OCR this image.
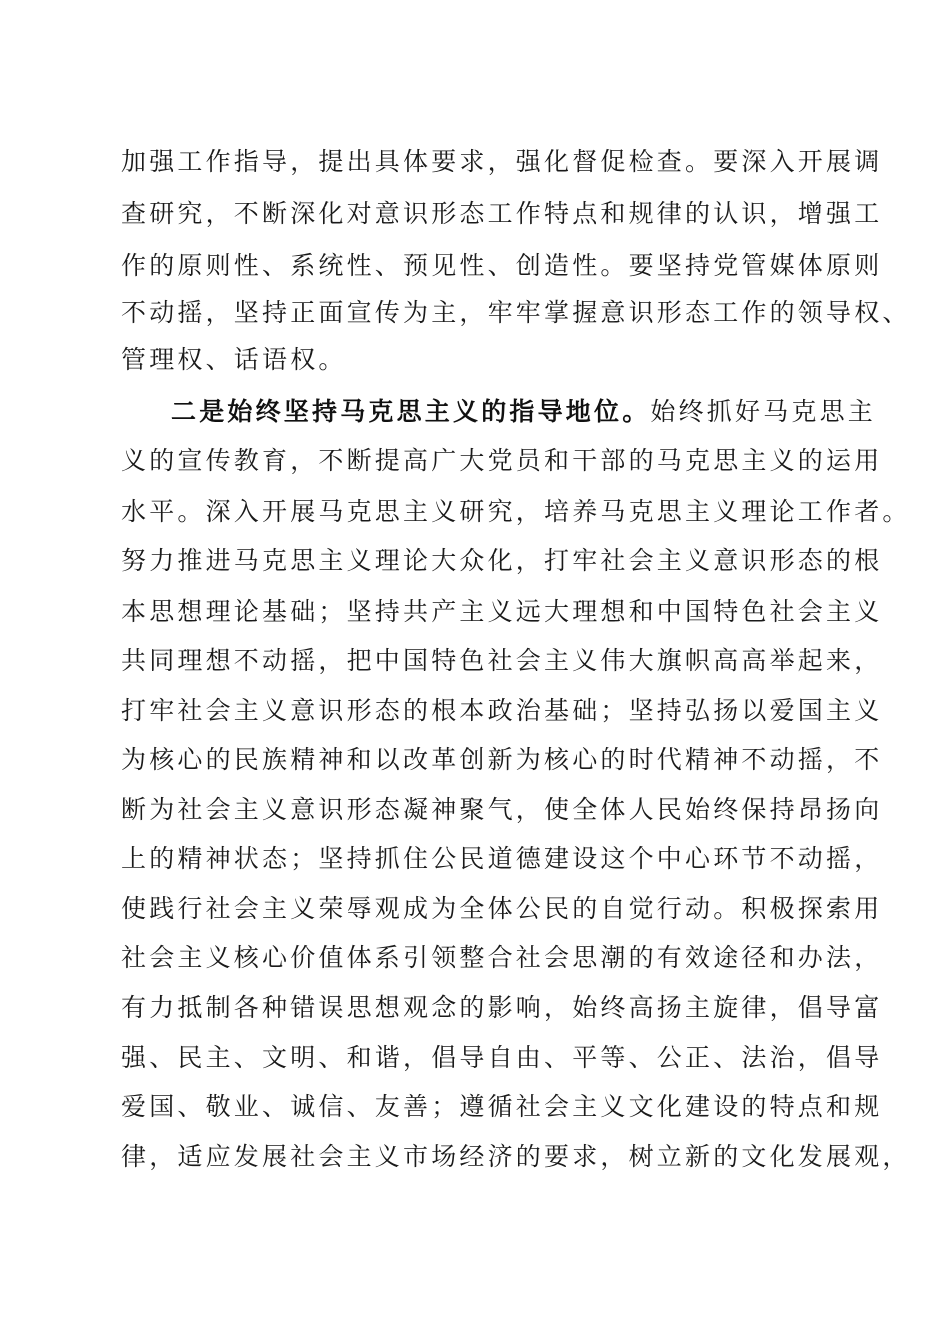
加强工作指导，提出具体要求，强化督促检查。要深入开展调
查研究，不断深化对意识形态工作特点和规律的认识，增强工
作的原则性、系统性、预见性、创造性。要坚持党管媒体原则
不动摇，坚持正面宣传为主，牢牢掌握意识形态工作的领导权、
管理权、话语权。
二是始终坚持马克思主义的指导地位。始终抓好马克思主
义的宣传教育，不断提高广大党员和干部的马克思主义的运用
水平。深入开展马克思主义研究，培养马克思主义理论工作者。
努力推进马克思主义理论大众化，打牢社会主义意识形态的根
本思想理论基础；坚持共产主义远大理想和中国特色社会主义
共同理想不动摇，把中国特色社会主义伟大旗帜高高举起来，
打牢社会主义意识形态的根本政治基础；坚持弘扬以爱国主义
为核心的民族精神和以改革创新为核心的时代精神不动摇，不
断为社会主义意识形态凝神聚气，使全体人民始终保持昂扬向
上的精神状态；坚持抓住公民道德建设这个中心环节不动摇，
使践行社会主义荣辱观成为全体公民的自觉行动。积极探索用
社会主义核心价值体系引领整合社会思潮的有效途径和办法，
有力抵制各种错误思想观念的影响，始终高扬主旋律，倡导富
强、民主、文明、和谐，倡导自由、平等、公正、法治，倡导
爱国、敬业、诚信、友善；遵循社会主义文化建设的特点和规
律，适应发展社会主义市场经济的要求，树立新的文化发展观，
